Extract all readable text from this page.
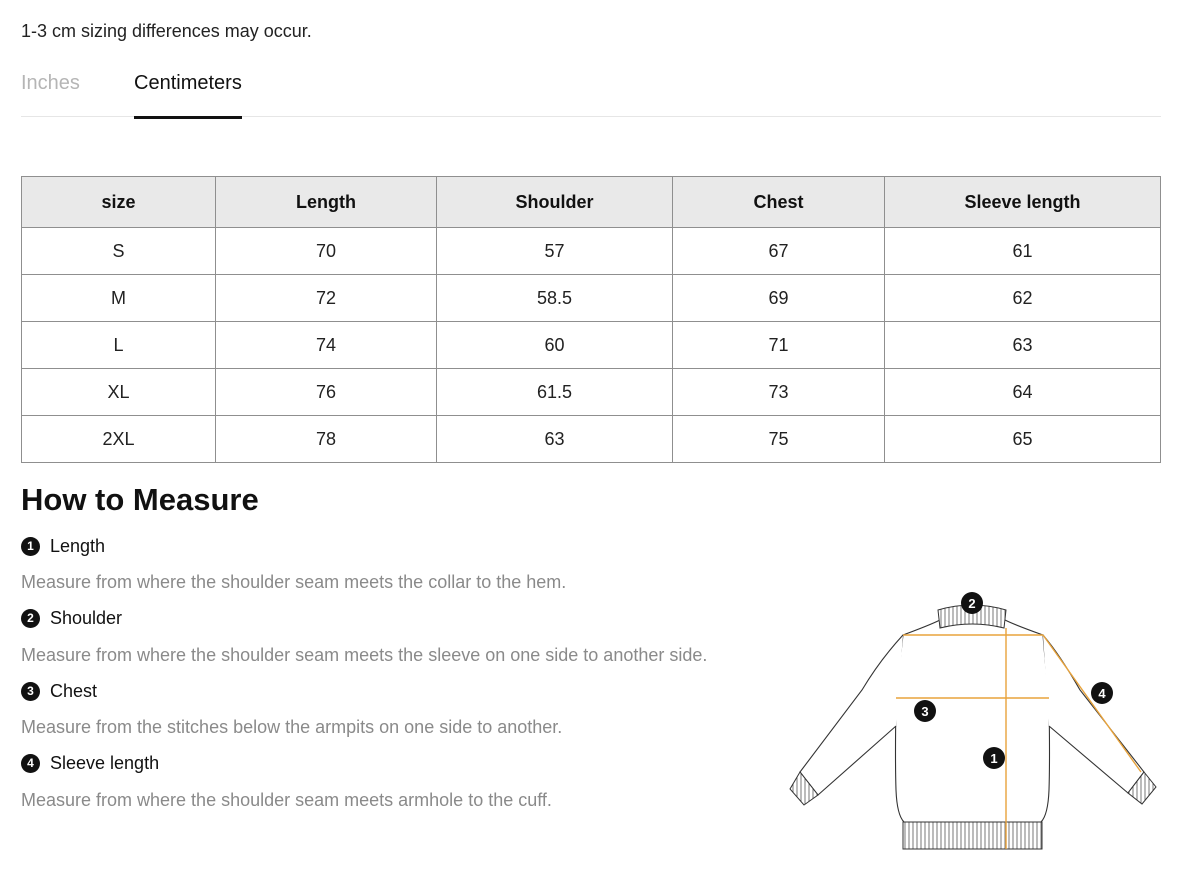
1-3 cm sizing differences may occur.
Inches	Centimeters
size	Length	Shoulder	Chest	Sleeve length
S	70	57	67	61
M	72	58.5	69	62
L	74	60	71	63
XL	76	61.5	73	64
2XL	78	63	75	65
How to Measure
1 Length
Measure from where the shoulder seam meets the collar to the hem.
2 Shoulder
Measure from where the shoulder seam meets the sleeve on one side to another side.
3 Chest
Measure from the stitches below the armpits on one side to another.
4 Sleeve length
Measure from where the shoulder seam meets armhole to the cuff.
2
3
1
4
